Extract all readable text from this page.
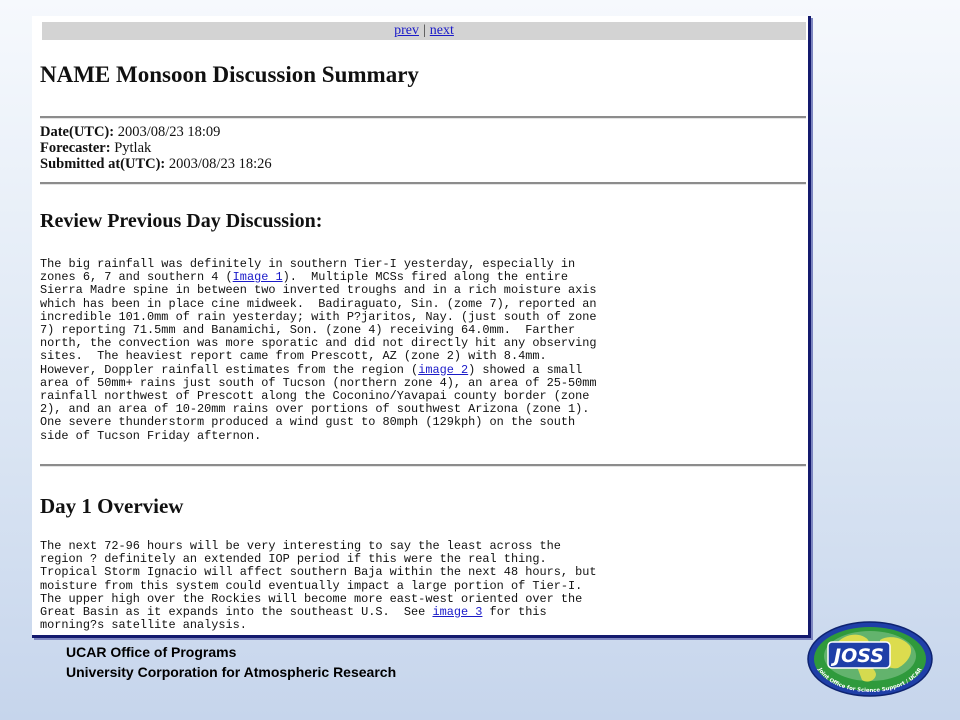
prev | next
NAME Monsoon Discussion Summary
Date(UTC): 2003/08/23 18:09
Forecaster: Pytlak
Submitted at(UTC): 2003/08/23 18:26
Review Previous Day Discussion:
The big rainfall was definitely in southern Tier-I yesterday, especially in
zones 6, 7 and southern 4 (Image 1).  Multiple MCSs fired along the entire
Sierra Madre spine in between two inverted troughs and in a rich moisture axis
which has been in place cine midweek.  Badiraguato, Sin. (zome 7), reported an
incredible 101.0mm of rain yesterday; with P?jaritos, Nay. (just south of zone
7) reporting 71.5mm and Banamichi, Son. (zone 4) receiving 64.0mm.  Farther
north, the convection was more sporatic and did not directly hit any observing
sites.  The heaviest report came from Prescott, AZ (zone 2) with 8.4mm.
However, Doppler rainfall estimates from the region (image 2) showed a small
area of 50mm+ rains just south of Tucson (northern zone 4), an area of 25-50mm
rainfall northwest of Prescott along the Coconino/Yavapai county border (zone
2), and an area of 10-20mm rains over portions of southwest Arizona (zone 1).
One severe thunderstorm produced a wind gust to 80mph (129kph) on the south
side of Tucson Friday afternon.
Day 1 Overview
The next 72-96 hours will be very interesting to say the least across the
region ? definitely an extended IOP period if this were the real thing.
Tropical Storm Ignacio will affect southern Baja within the next 48 hours, but
moisture from this system could eventually impact a large portion of Tier-I.
The upper high over the Rockies will become more east-west oriented over the
Great Basin as it expands into the southeast U.S.  See image 3 for this
morning?s satellite analysis.
UCAR Office of Programs
University Corporation for Atmospheric Research
JOSS
Joint Office for Science Support / UCAR
